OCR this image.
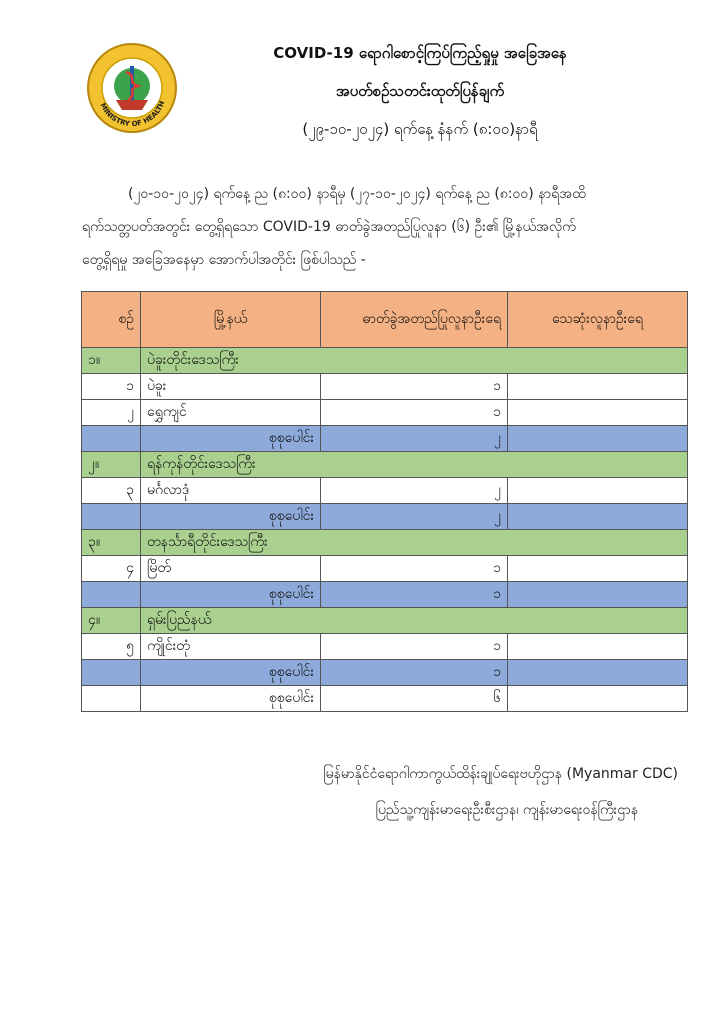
MINISTRY OF HEALTH
COVID-19 ရောဂါစောင့်ကြပ်ကြည့်ရှုမှု အခြေအနေ
အပတ်စဉ်သတင်းထုတ်ပြန်ချက်
(၂၉-၁၀-၂၀၂၄) ရက်နေ့ နံနက် (၈:၀၀)နာရီ
(၂၀-၁၀-၂၀၂၄) ရက်နေ့ ည (၈:၀၀) နာရီမှ (၂၇-၁၀-၂၀၂၄) ရက်နေ့ ည (၈:၀၀) နာရီအထိ
ရက်သတ္တပတ်အတွင်း တွေ့ရှိရသော COVID-19 ဓာတ်ခွဲအတည်ပြုလူနာ (၆) ဦး၏ မြို့နယ်အလိုက်
တွေ့ရှိရမှု အခြေအနေမှာ အောက်ပါအတိုင်း ဖြစ်ပါသည် -
စဉ်	မြို့နယ်	ဓာတ်ခွဲအတည်ပြုလူနာဦးရေ	သေဆုံးလူနာဦးရေ
၁။	ပဲခူးတိုင်းဒေသကြီး		
၁	ပဲခူး	၁	
၂	ရွှေကျင်	၁	
	စုစုပေါင်း	၂	
၂။	ရန်ကုန်တိုင်းဒေသကြီး		
၃	မင်္ဂလာဒုံ	၂	
	စုစုပေါင်း	၂	
၃။	တနင်္သာရီတိုင်းဒေသကြီး		
၄	မြိတ်	၁	
	စုစုပေါင်း	၁	
၄။	ရှမ်းပြည်နယ်		
၅	ကျိုင်းတုံ	၁	
	စုစုပေါင်း	၁	
	စုစုပေါင်း	၆	
မြန်မာနိုင်ငံရောဂါကာကွယ်ထိန်းချုပ်ရေးဗဟိုဌာန (Myanmar CDC)
ပြည်သူ့ကျန်းမာရေးဦးစီးဌာန၊ ကျန်းမာရေးဝန်ကြီးဌာန
